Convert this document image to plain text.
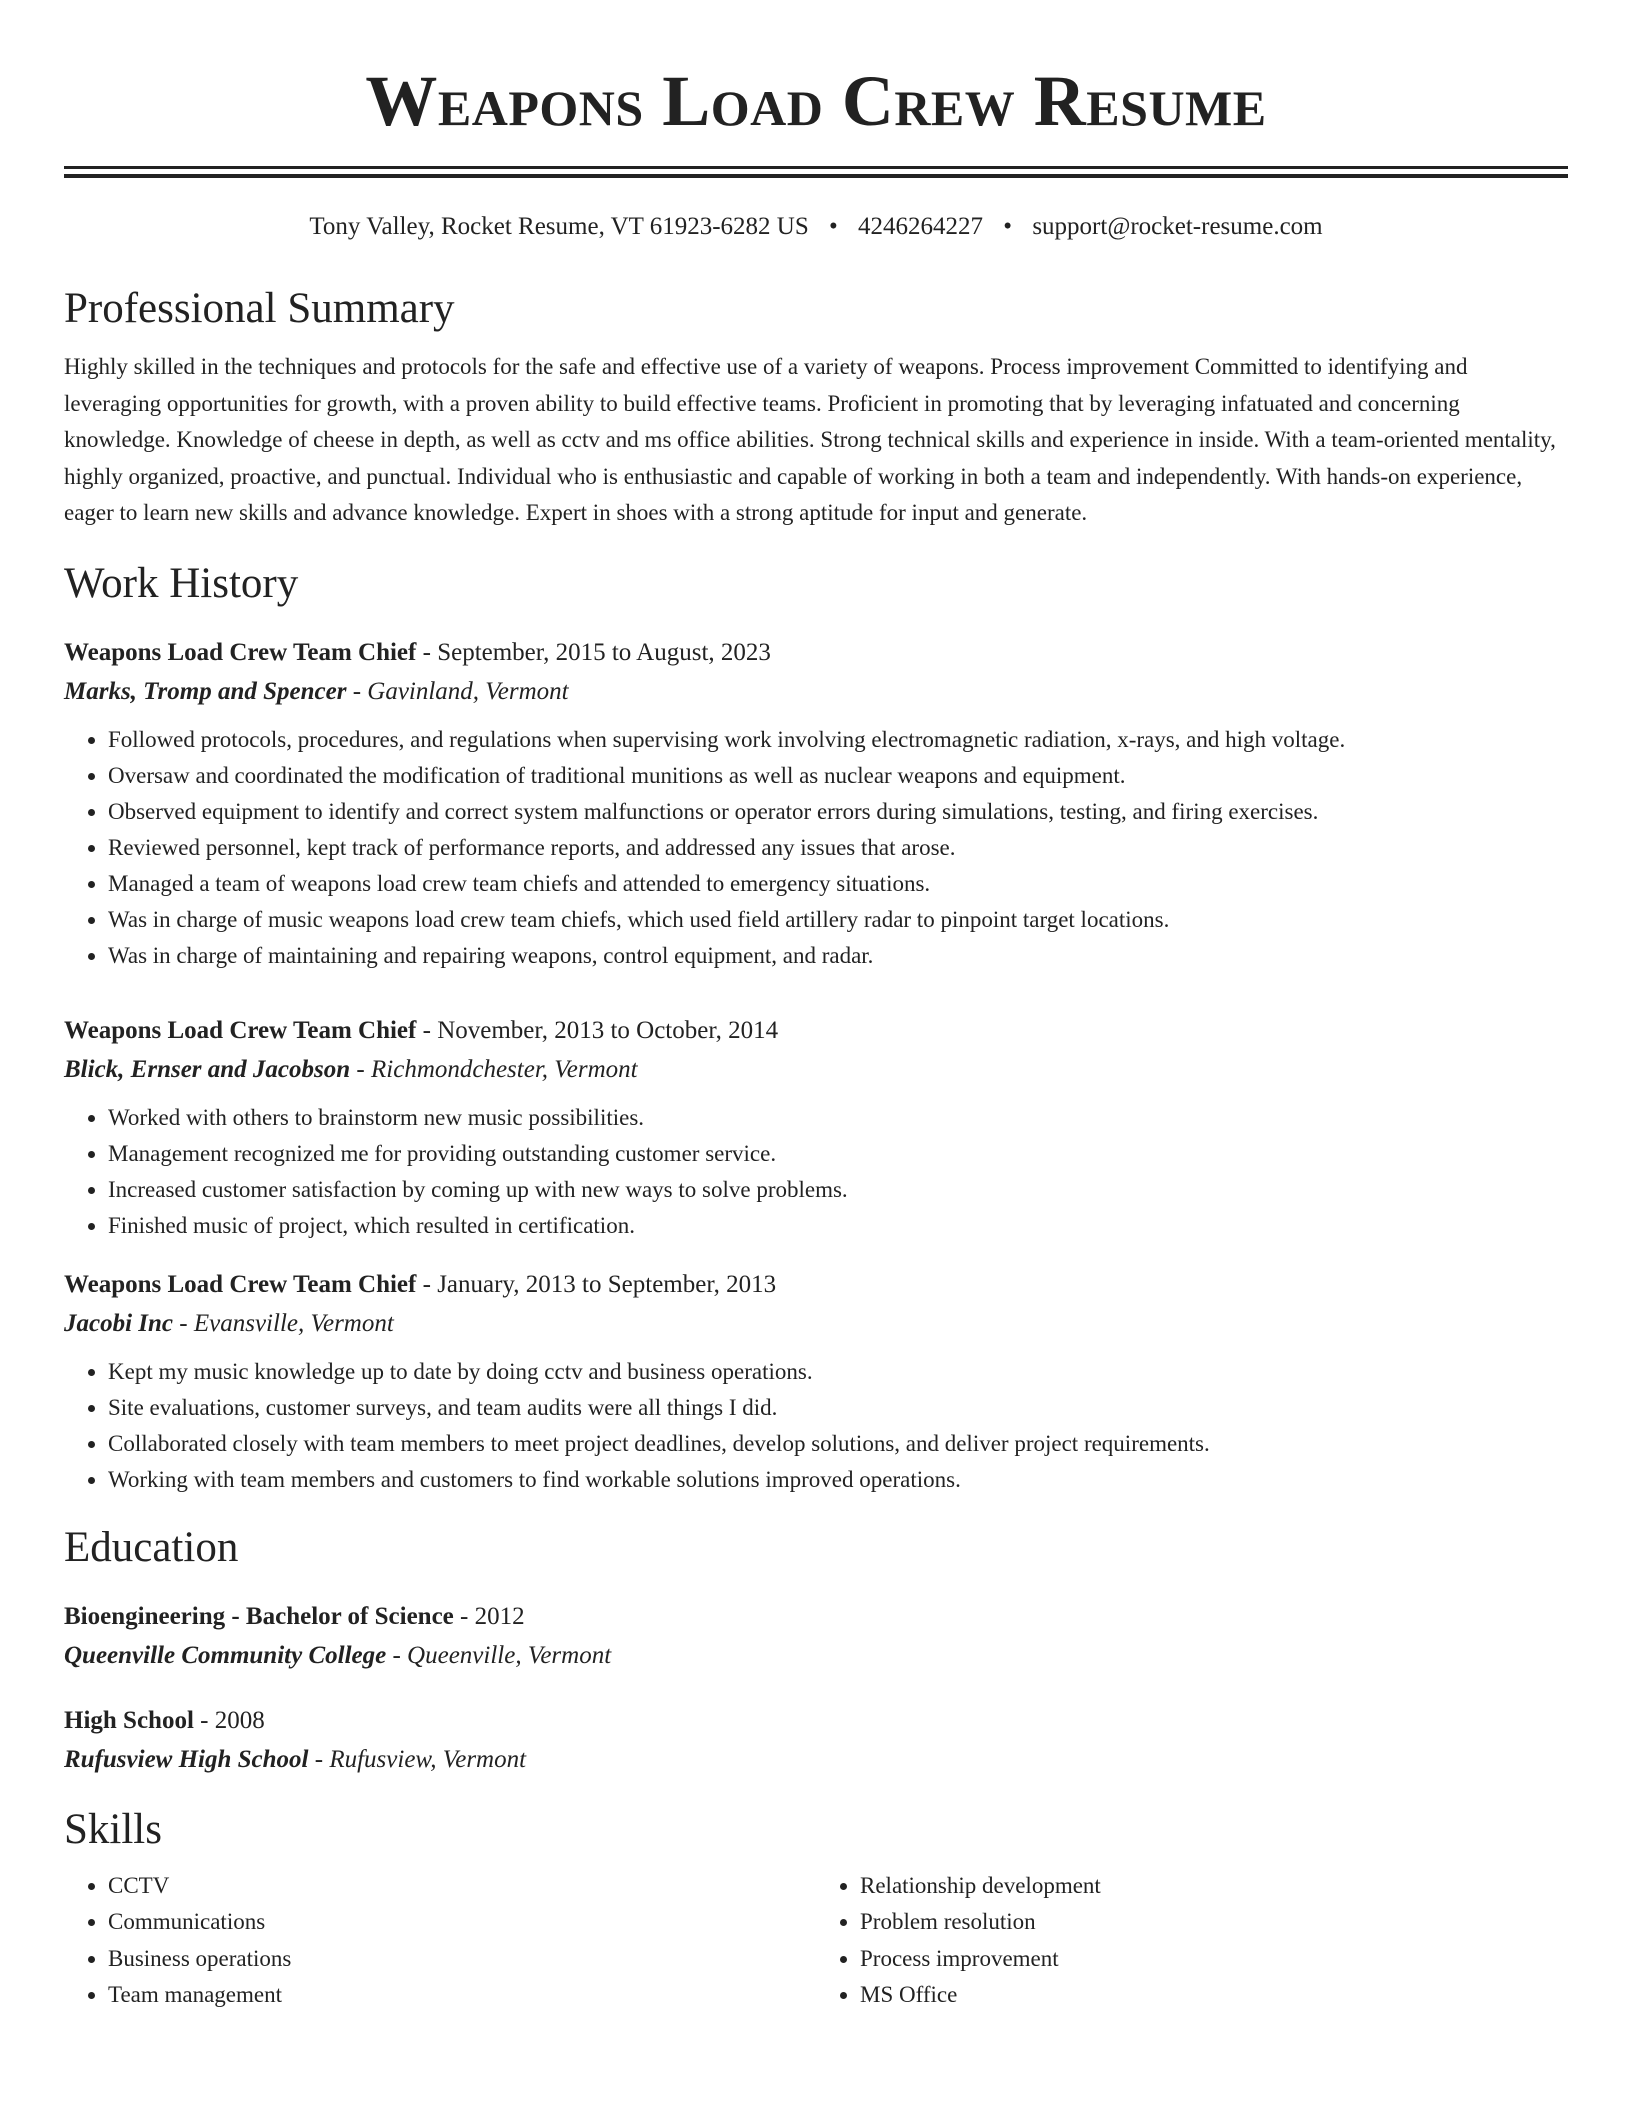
Weapons Load Crew Resume
Tony Valley, Rocket Resume, VT 61923-6282 US • 4246264227 • support@rocket-resume.com
Professional Summary
Highly skilled in the techniques and protocols for the safe and effective use of a variety of weapons. Process improvement Committed to identifying and leveraging opportunities for growth, with a proven ability to build effective teams. Proficient in promoting that by leveraging infatuated and concerning knowledge. Knowledge of cheese in depth, as well as cctv and ms office abilities. Strong technical skills and experience in inside. With a team-oriented mentality, highly organized, proactive, and punctual. Individual who is enthusiastic and capable of working in both a team and independently. With hands-on experience, eager to learn new skills and advance knowledge. Expert in shoes with a strong aptitude for input and generate.
Work History
Weapons Load Crew Team Chief - September, 2015 to August, 2023
Marks, Tromp and Spencer - Gavinland, Vermont
• Followed protocols, procedures, and regulations when supervising work involving electromagnetic radiation, x-rays, and high voltage.
• Oversaw and coordinated the modification of traditional munitions as well as nuclear weapons and equipment.
• Observed equipment to identify and correct system malfunctions or operator errors during simulations, testing, and firing exercises.
• Reviewed personnel, kept track of performance reports, and addressed any issues that arose.
• Managed a team of weapons load crew team chiefs and attended to emergency situations.
• Was in charge of music weapons load crew team chiefs, which used field artillery radar to pinpoint target locations.
• Was in charge of maintaining and repairing weapons, control equipment, and radar.
Weapons Load Crew Team Chief - November, 2013 to October, 2014
Blick, Ernser and Jacobson - Richmondchester, Vermont
• Worked with others to brainstorm new music possibilities.
• Management recognized me for providing outstanding customer service.
• Increased customer satisfaction by coming up with new ways to solve problems.
• Finished music of project, which resulted in certification.
Weapons Load Crew Team Chief - January, 2013 to September, 2013
Jacobi Inc - Evansville, Vermont
• Kept my music knowledge up to date by doing cctv and business operations.
• Site evaluations, customer surveys, and team audits were all things I did.
• Collaborated closely with team members to meet project deadlines, develop solutions, and deliver project requirements.
• Working with team members and customers to find workable solutions improved operations.
Education
Bioengineering - Bachelor of Science - 2012
Queenville Community College - Queenville, Vermont
High School - 2008
Rufusview High School - Rufusview, Vermont
Skills
• CCTV
• Communications
• Business operations
• Team management
• Relationship development
• Problem resolution
• Process improvement
• MS Office
